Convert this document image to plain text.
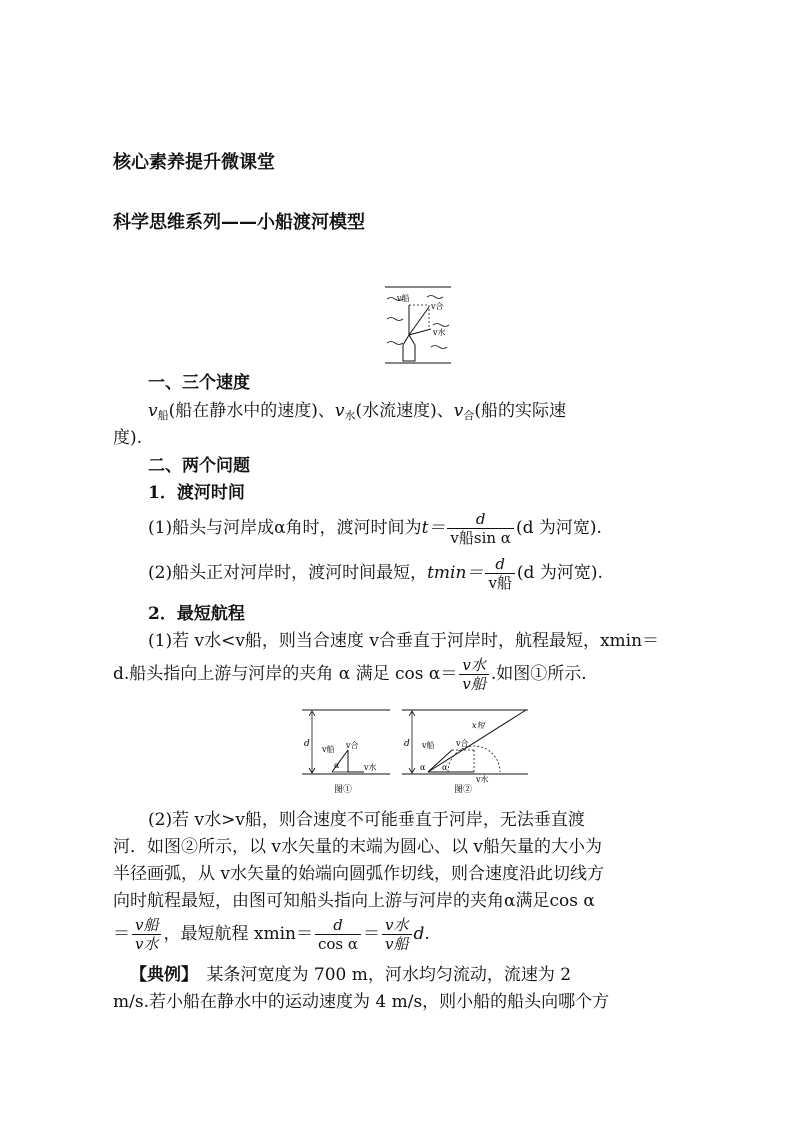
核心素养提升微课堂
科学思维系列——小船渡河模型
v船
v合
v水
一、三个速度
$v_船$(船在静水中的速度)、$v_水$(水流速度)、$v_合$(船的实际速
度).
二、两个问题
1．渡河时间
(1)船头与河岸成α角时，渡河时间为 $t= \frac{d}{\text{v船sin α}} (d$ 为河宽).
(2)船头正对河岸时，渡河时间最短， $tmin= \frac{d}{\text{v船}} (d$ 为河宽).
2．最短航程
(1)若 v水<v船，则当合速度 v合垂直于河岸时，航程最短，xmin＝
d.船头指向上游与河岸的夹角 α 满足 $\cos \alpha= \frac{\text{v水}}{\text{v船}}$ .如图①所示.
d
v船 v合
α	v水
图①
d
x短
v船	v合
α α
v水
图②
(2)若 v水>v船，则合速度不可能垂直于河岸，无法垂直渡
河．如图②所示，以 v水矢量的末端为圆心、以 v船矢量的大小为
半径画弧，从 v水矢量的始端向圆弧作切线，则合速度沿此切线方
向时航程最短，由图可知船头指向上游与河岸的夹角α满足cos α
＝ $\frac{\text{v船}}{\text{v水}}$ ，最短航程 $xmin= \frac{d}{\text{cos α}} = \frac{\text{v水}}{\text{v船}} d$.
【典例】　某条河宽度为 700 m，河水均匀流动，流速为 2
m/s.若小船在静水中的运动速度为 4 m/s，则小船的船头向哪个方
